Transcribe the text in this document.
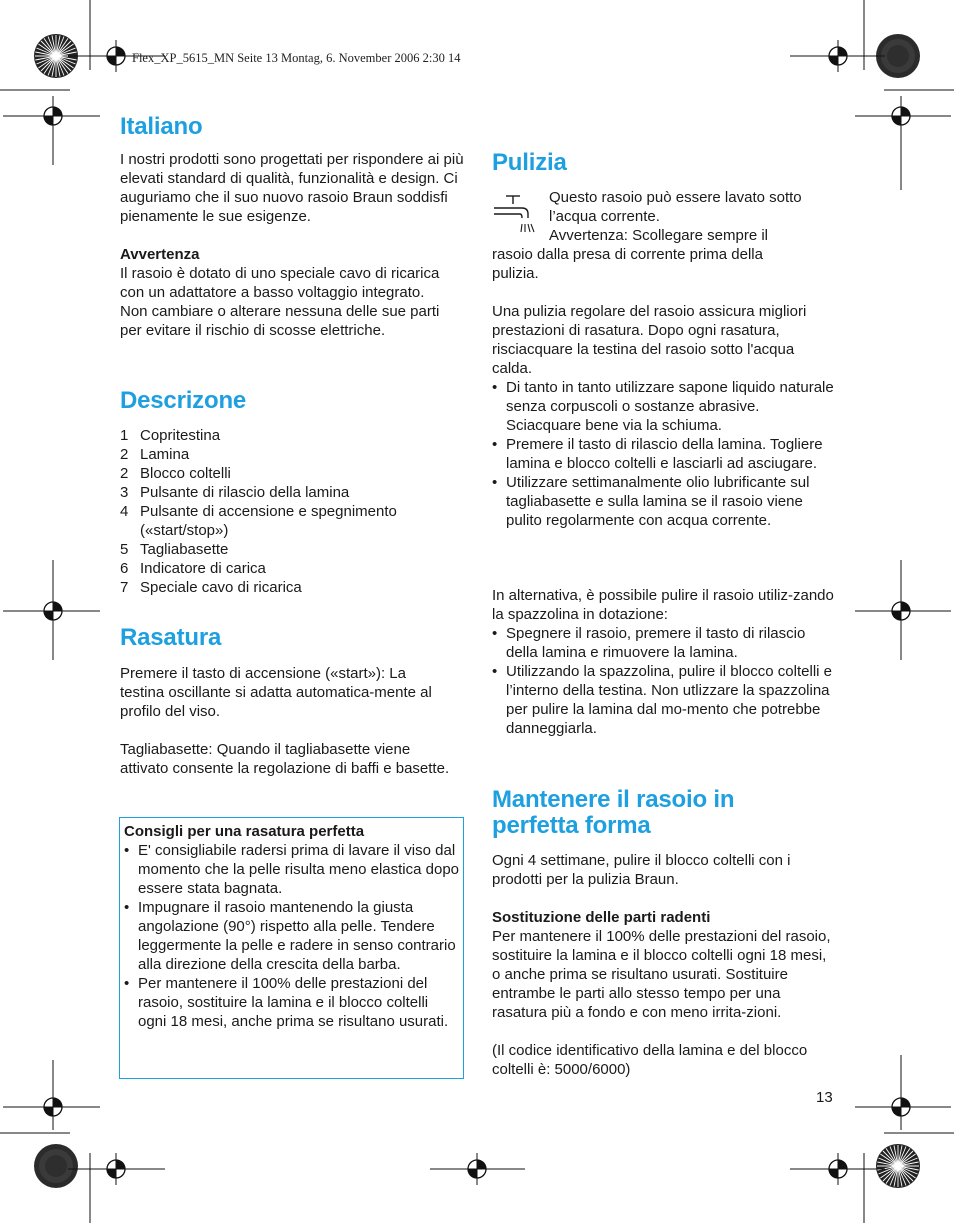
Flex_XP_5615_MN Seite 13 Montag, 6. November 2006 2:30 14
Italiano

I nostri prodotti sono progettati per rispondere ai più elevati standard di qualità, funzionalità e design. Ci auguriamo che il suo nuovo rasoio Braun soddisfi pienamente le sue esigenze.

Avvertenza

Il rasoio è dotato di uno speciale cavo di ricarica con un adattatore a basso voltaggio integrato. Non cambiare o alterare nessuna delle sue parti per evitare il rischio di scosse elettriche.

Descrizone
1 Copritestina
2 Lamina
2 Blocco coltelli
3 Pulsante di rilascio della lamina
4 Pulsante di accensione e spegnimento («start/stop»)
5 Tagliabasette
6 Indicatore di carica
7 Speciale cavo di ricarica
Rasatura

Premere il tasto di accensione («start»): La testina oscillante si adatta automatica-mente al profilo del viso.

Tagliabasette: Quando il tagliabasette viene attivato consente la regolazione di baffi e basette.

Consigli per una rasatura perfetta

• E' consigliabile radersi prima di lavare il viso dal momento che la pelle risulta meno elastica dopo essere stata bagnata.
• Impugnare il rasoio mantenendo la giusta angolazione (90°) rispetto alla pelle. Tendere leggermente la pelle e radere in senso contrario alla direzione della crescita della barba.
• Per mantenere il 100% delle prestazioni del rasoio, sostituire la lamina e il blocco coltelli ogni 18 mesi, anche prima se risultano usurati.
Pulizia

Questo rasoio può essere lavato sotto l’acqua corrente.

Avvertenza: Scollegare sempre il rasoio dalla presa di corrente prima della pulizia.

Una pulizia regolare del rasoio assicura migliori prestazioni di rasatura. Dopo ogni rasatura, risciacquare la testina del rasoio sotto l'acqua calda.

• Di tanto in tanto utilizzare sapone liquido naturale senza corpuscoli o sostanze abrasive. Sciacquare bene via la schiuma.
• Premere il tasto di rilascio della lamina. Togliere lamina e blocco coltelli e lasciarli ad asciugare.
• Utilizzare settimanalmente olio lubrificante sul tagliabasette e sulla lamina se il rasoio viene pulito regolarmente con acqua corrente.

In alternativa, è possibile pulire il rasoio utiliz-zando la spazzolina in dotazione:

• Spegnere il rasoio, premere il tasto di rilascio della lamina e rimuovere la lamina.
• Utilizzando la spazzolina, pulire il blocco coltelli e l’interno della testina. Non utlizzare la spazzolina per pulire la lamina dal mo-mento che potrebbe danneggiarla.
Mantenere il rasoio in perfetta forma

Ogni 4 settimane, pulire il blocco coltelli con i prodotti per la pulizia Braun.

Sostituzione delle parti radenti

Per mantenere il 100% delle prestazioni del rasoio, sostituire la lamina e il blocco coltelli ogni 18 mesi, o anche prima se risultano usurati. Sostituire entrambe le parti allo stesso tempo per una rasatura più a fondo e con meno irrita-zioni.

(Il codice identificativo della lamina e del blocco coltelli è: 5000/6000)

13
